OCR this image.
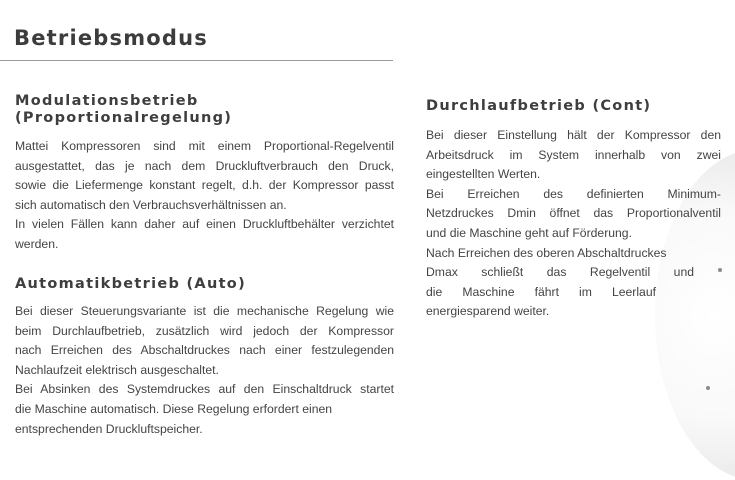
Betriebsmodus
Modulationsbetrieb
(Proportionalregelung)
Mattei Kompressoren sind mit einem Proportional-Regelventil
ausgestattet, das je nach dem Druckluftverbrauch den Druck,
sowie die Liefermenge konstant regelt, d.h. der Kompressor passt
sich automatisch den Verbrauchsverhältnissen an.
In vielen Fällen kann daher auf einen Druckluftbehälter verzichtet
werden.
Automatikbetrieb (Auto)
Bei dieser Steuerungsvariante ist die mechanische Regelung wie
beim Durchlaufbetrieb, zusätzlich wird jedoch der Kompressor
nach Erreichen des Abschaltdruckes nach einer festzulegenden
Nachlaufzeit elektrisch ausgeschaltet.
Bei Absinken des Systemdruckes auf den Einschaltdruck startet
die Maschine automatisch. Diese Regelung erfordert einen
entsprechenden Druckluftspeicher.
Durchlaufbetrieb (Cont)
Bei dieser Einstellung hält der Kompressor den
Arbeitsdruck im System innerhalb von zwei
eingestellten Werten.
Bei Erreichen des definierten Minimum-
Netzdruckes Dmin öffnet das Proportionalventil
und die Maschine geht auf Förderung.
Nach Erreichen des oberen Abschaltdruckes
Dmax schließt das Regelventil und
die Maschine fährt im Leerlauf
energiesparend weiter.
